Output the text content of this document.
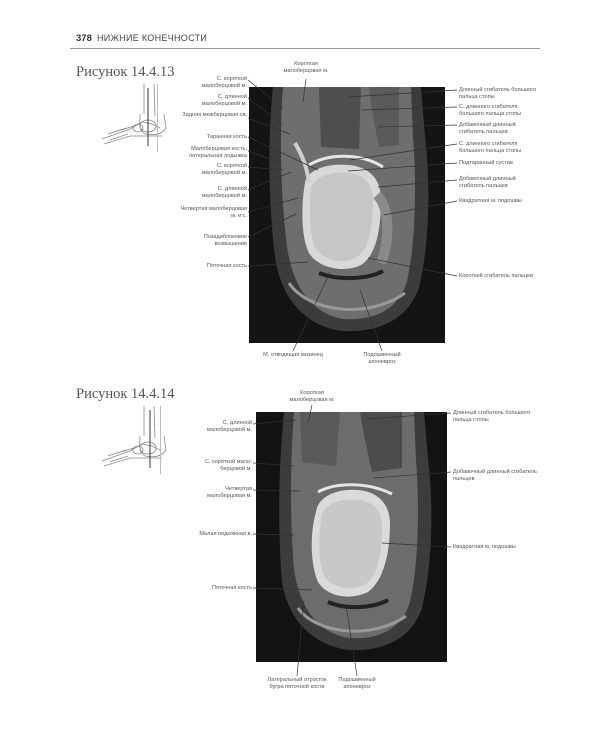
378 НИЖНИЕ КОНЕЧНОСТИ
Рисунок 14.4.13	Короткая малоберцовая м.
С. короткой малоберцовой м.
С. длинной малоберцовой м.
Задняя межберцовая св.
Таранная кость
Малоберцовая кость, латеральная лодыжка
С. короткой малоберцовой м.
С. длинной малоберцовой м.
Четвертая малоберцовая м. и с.
Позадиблоковое возвышение
Пяточная кость
Длинный сгибатель большого пальца стопы
С. длинного сгибателя большого пальца стопы
Добавочный длинный сгибатель пальцев
С. длинного сгибателя большого пальца стопы
Подтаранный сустав
Добавочный длинный сгибатель пальцев
Квадратная м. подошвы
Короткий сгибатель пальцев
М. отводящая мизинец	Подошвенный апоневроз
Рисунок 14.4.14	Короткая малоберцовая м.
С. длинной малоберцовой м.
С. короткой мало-берцовой м.
Четвертая малоберцовая м.
Малая подкожная в.
Пяточная кость
Длинный сгибатель большого пальца стопы
Добавочный длинный сгибатель пальцев
Квадратная м. подошвы
Латеральный отросток бугра пяточной кости
Подошвенный апоневроз
